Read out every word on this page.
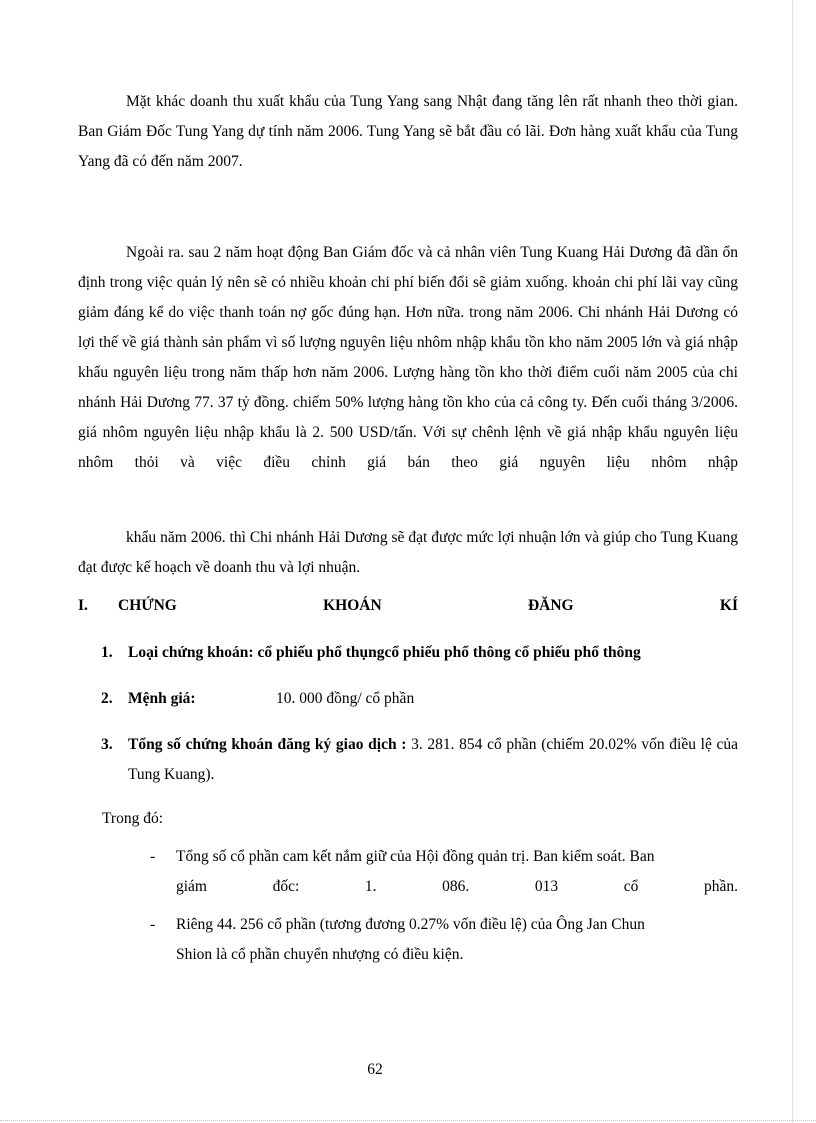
Mặt khác doanh thu xuất khẩu của Tung Yang sang Nhật đang tăng lên rất nhanh theo thời gian. Ban Giám Đốc Tung Yang dự tính năm 2006. Tung Yang sẽ bắt đầu có lãi. Đơn hàng xuất khẩu của Tung Yang đã có đến năm 2007.

Ngoài ra. sau 2 năm hoạt động Ban Giám đốc và cả nhân viên Tung Kuang Hải Dương đã dần ổn định trong việc quản lý nên sẽ có nhiều khoản chi phí biến đổi sẽ giảm xuống. khoản chi phí lãi vay cũng giảm đáng kể do việc thanh toán nợ gốc đúng hạn. Hơn nữa. trong năm 2006. Chi nhánh Hải Dương có lợi thế về giá thành sản phẩm vì số lượng nguyên liệu nhôm nhập khẩu tồn kho năm 2005 lớn và giá nhập khẩu nguyên liệu trong năm thấp hơn năm 2006. Lượng hàng tồn kho thời điểm cuối năm 2005 của chi nhánh Hải Dương 77. 37 tỷ đồng. chiếm 50% lượng hàng tồn kho của cả công ty. Đến cuối tháng 3/2006. giá nhôm nguyên liệu nhập khẩu là 2. 500 USD/tấn. Với sự chênh lệnh về giá nhập khẩu nguyên liệu nhôm thỏi và việc điều chỉnh giá bán theo giá nguyên liệu nhôm nhập

khẩu năm 2006. thì Chi nhánh Hải Dương sẽ đạt được mức lợi nhuận lớn và giúp cho Tung Kuang đạt được kế hoạch về doanh thu và lợi nhuận.

I.	CHỨNG KHOÁN ĐĂNG KÍ
1. Loại chứng khoán: cổ phiếu phổ thụngcổ phiếu phổ thông cổ phiếu phổ thông
2. Mệnh giá:	10. 000 đồng/ cổ phần
3. Tổng số chứng khoán đăng ký giao dịch : 3. 281. 854 cổ phần (chiếm 20.02% vốn điều lệ của Tung Kuang).
Trong đó:
-	Tổng số cổ phần cam kết nắm giữ của Hội đồng quản trị. Ban kiểm soát. Ban
giám đốc: 1. 086. 013 cổ phần.
-	Riêng 44. 256 cổ phần (tương đương 0.27% vốn điều lệ) của Ông Jan Chun
Shion là cổ phần chuyển nhượng có điều kiện.
62
